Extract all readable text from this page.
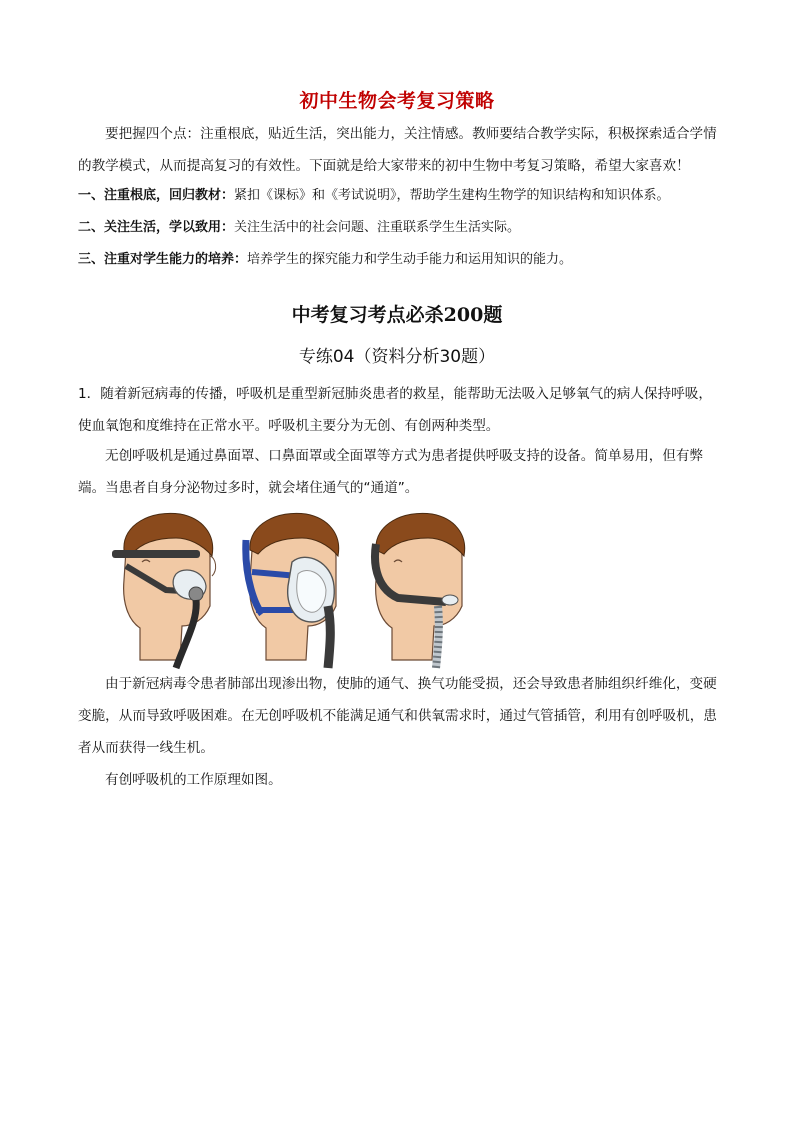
初中生物会考复习策略
要把握四个点：注重根底，贴近生活，突出能力，关注情感。教师要结合教学实际，积极探索适合学情的教学模式，从而提高复习的有效性。下面就是给大家带来的初中生物中考复习策略，希望大家喜欢！
一、注重根底，回归教材：紧扣《课标》和《考试说明》，帮助学生建构生物学的知识结构和知识体系。
二、关注生活，学以致用：关注生活中的社会问题、注重联系学生生活实际。
三、注重对学生能力的培养：培养学生的探究能力和学生动手能力和运用知识的能力。
中考复习考点必杀200题
专练04（资料分析30题）
1．随着新冠病毒的传播，呼吸机是重型新冠肺炎患者的救星，能帮助无法吸入足够氧气的病人保持呼吸，使血氧饱和度维持在正常水平。呼吸机主要分为无创、有创两种类型。
无创呼吸机是通过鼻面罩、口鼻面罩或全面罩等方式为患者提供呼吸支持的设备。简单易用，但有弊端。当患者自身分泌物过多时，就会堵住通气的“通道”。
由于新冠病毒令患者肺部出现渗出物，使肺的通气、换气功能受损，还会导致患者肺组织纤维化，变硬变脆，从而导致呼吸困难。在无创呼吸机不能满足通气和供氧需求时，通过气管插管，利用有创呼吸机，患者从而获得一线生机。
有创呼吸机的工作原理如图。
